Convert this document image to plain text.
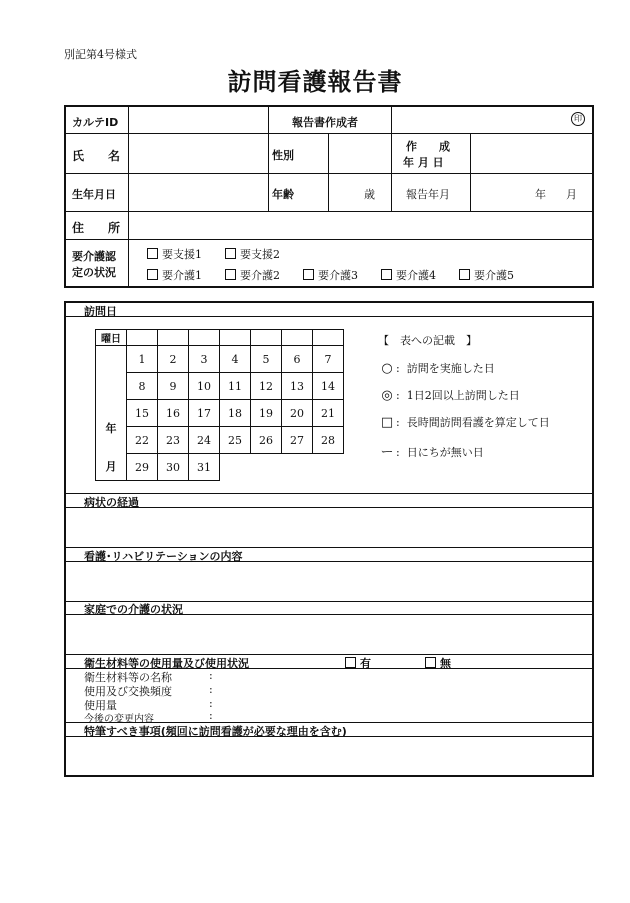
別記第4号様式
訪問看護報告書
カルテID	報告書作成者	印
氏　　名	性別
作　　成
年 月 日
生年月日	年齢	歳	報告年月	年 月
住　　所
要介護認
定の状況
要支援1	要支援2
要介護1	要介護2	要介護3	要介護4	要介護5
訪問日
曜日							

年
月	1	2	3	4	5	6	7
	8	9	10	11	12	13	14
	15	16	17	18	19	20	21
	22	23	24	25	26	27	28
	29	30	31				
【　表への記載　】
○ :  訪問を実施した日
◎ :  1日2回以上訪問した日
□ :  長時間訪問看護を算定して日
ー :  日にちが無い日
病状の経過
看護･リハビリテーションの内容
家庭での介護の状況
衛生材料等の使用量及び使用状況	有	無
衛生材料等の名称	:
使用及び交換頻度	:
使用量	:
今後の変更内容	:
特筆すべき事項(頻回に訪問看護が必要な理由を含む)
